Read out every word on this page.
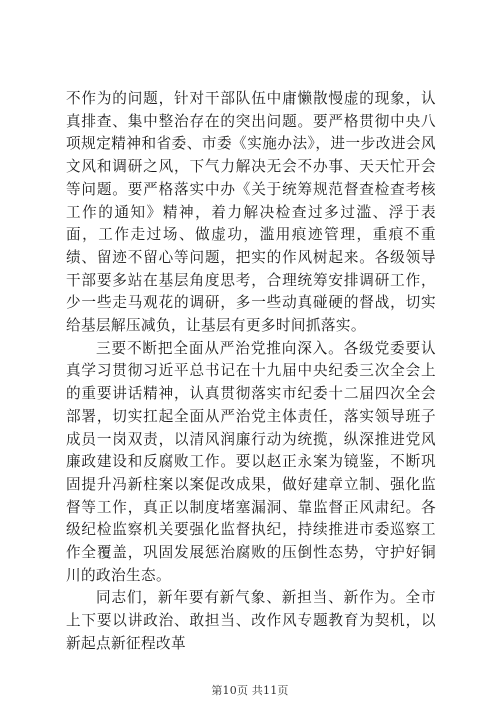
不作为的问题，针对干部队伍中庸懒散慢虚的现象，认真排查、集中整治存在的突出问题。要严格贯彻中央八项规定精神和省委、市委《实施办法》，进一步改进会风文风和调研之风，下气力解决无会不办事、天天忙开会等问题。要严格落实中办《关于统筹规范督查检查考核工作的通知》精神，着力解决检查过多过滥、浮于表面，工作走过场、做虚功，滥用痕迹管理，重痕不重绩、留迹不留心等问题，把实的作风树起来。各级领导干部要多站在基层角度思考，合理统筹安排调研工作，少一些走马观花的调研，多一些动真碰硬的督战，切实给基层解压减负，让基层有更多时间抓落实。

三要不断把全面从严治党推向深入。各级党委要认真学习贯彻习近平总书记在十九届中央纪委三次全会上的重要讲话精神，认真贯彻落实市纪委十二届四次全会部署，切实扛起全面从严治党主体责任，落实领导班子成员一岗双责，以清风润廉行动为统揽，纵深推进党风廉政建设和反腐败工作。要以赵正永案为镜鉴，不断巩固提升冯新柱案以案促改成果，做好建章立制、强化监督等工作，真正以制度堵塞漏洞、靠监督正风肃纪。各级纪检监察机关要强化监督执纪，持续推进市委巡察工作全覆盖，巩固发展惩治腐败的压倒性态势，守护好铜川的政治生态。

同志们，新年要有新气象、新担当、新作为。全市上下要以讲政治、敢担当、改作风专题教育为契机，以新起点新征程改革

第10页 共11页
